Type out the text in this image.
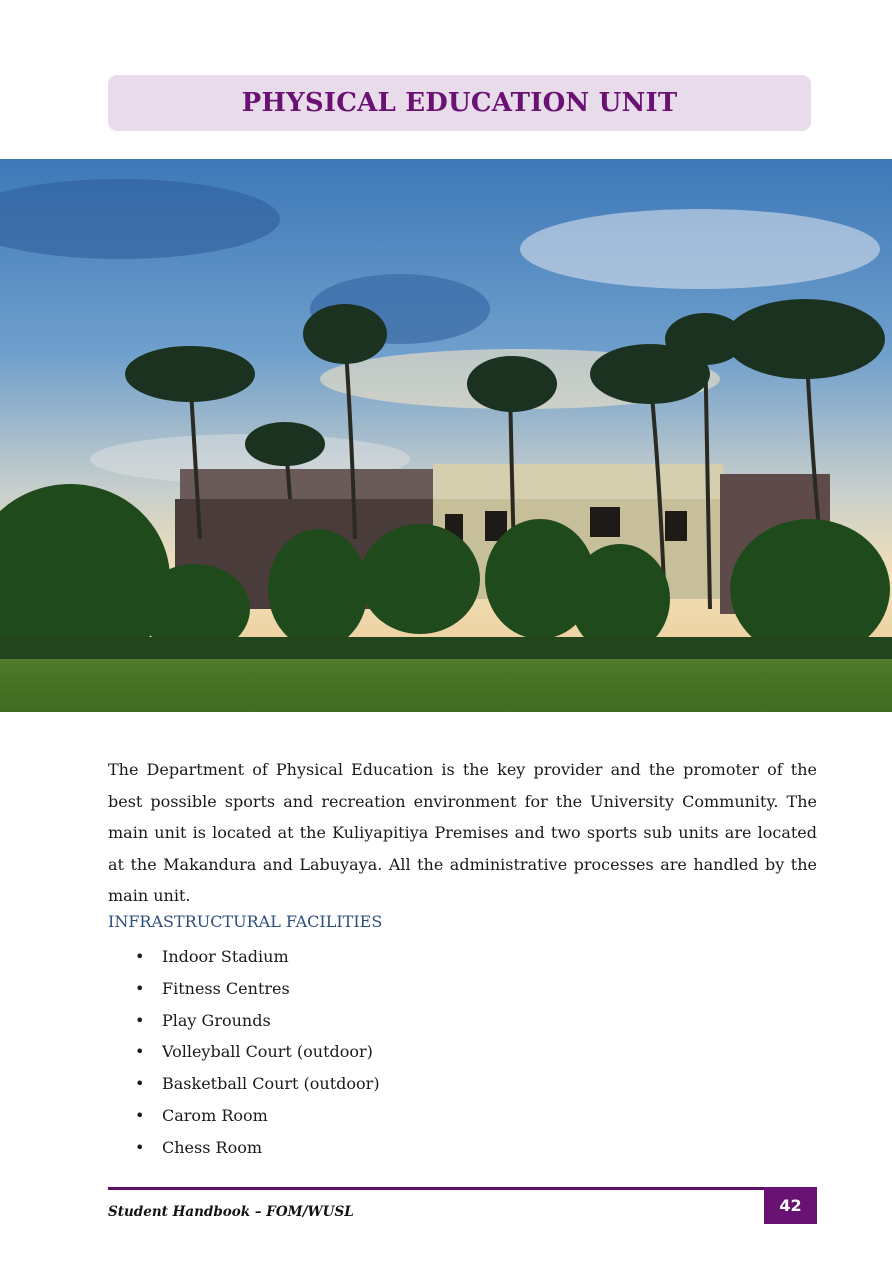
PHYSICAL EDUCATION UNIT

The Department of Physical Education is the key provider and the promoter of the best possible sports and recreation environment for the University Community. The main unit is located at the Kuliyapitiya Premises and two sports sub units are located at the Makandura and Labuyaya. All the administrative processes are handled by the main unit.

INFRASTRUCTURAL FACILITIES
•	Indoor Stadium
•	Fitness Centres
•	Play Grounds
•	Volleyball Court (outdoor)
•	Basketball Court (outdoor)
•	Carom Room
•	Chess Room

Student Handbook – FOM/WUSL	42
